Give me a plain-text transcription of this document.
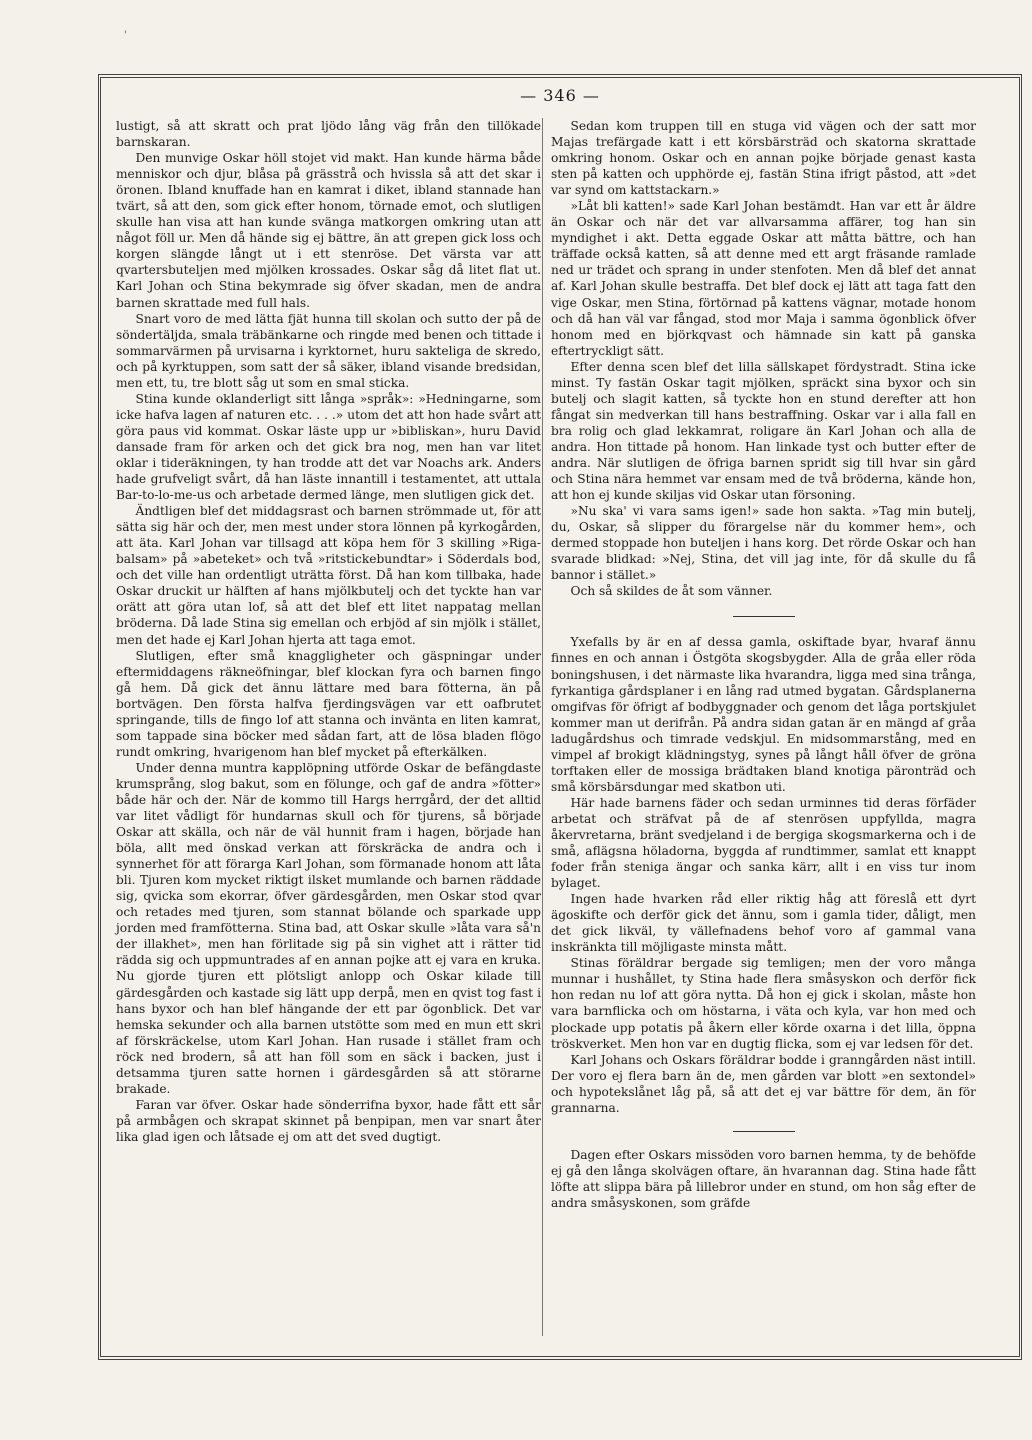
'
— 346 —

lustigt, så att skratt och prat ljödo lång väg från den tillökade barnskaran.

Den munvige Oskar höll stojet vid makt. Han kunde härma både menniskor och djur, blåsa på grässtrå och hvissla så att det skar i öronen. Ibland knuffade han en kamrat i diket, ibland stannade han tvärt, så att den, som gick efter honom, törnade emot, och slutligen skulle han visa att han kunde svänga matkorgen omkring utan att något föll ur. Men då hände sig ej bättre, än att grepen gick loss och korgen slängde långt ut i ett stenröse. Det värsta var att qvartersbuteljen med mjölken krossades. Oskar såg då litet flat ut. Karl Johan och Stina bekymrade sig öfver skadan, men de andra barnen skrattade med full hals.

Snart voro de med lätta fjät hunna till skolan och sutto der på de söndertäljda, smala träbänkarne och ringde med benen och tittade i sommarvärmen på urvisarna i kyrktornet, huru sakteliga de skredo, och på kyrktuppen, som satt der så säker, ibland visande bredsidan, men ett, tu, tre blott såg ut som en smal sticka.

Stina kunde oklanderligt sitt långa »språk»: »Hedningarne, som icke hafva lagen af naturen etc. . . .» utom det att hon hade svårt att göra paus vid kommat. Oskar läste upp ur »bibliskan», huru David dansade fram för arken och det gick bra nog, men han var litet oklar i tideräkningen, ty han trodde att det var Noachs ark. Anders hade grufveligt svårt, då han läste innantill i testamentet, att uttala Bar-to-lo-me-us och arbetade dermed länge, men slutligen gick det.

Ändtligen blef det middagsrast och barnen strömmade ut, för att sätta sig här och der, men mest under stora lönnen på kyrkogården, att äta. Karl Johan var tillsagd att köpa hem för 3 skilling »Riga-balsam» på »abeteket» och två »ritstickebundtar» i Söderdals bod, och det ville han ordentligt uträtta först. Då han kom tillbaka, hade Oskar druckit ur hälften af hans mjölkbutelj och det tyckte han var orätt att göra utan lof, så att det blef ett litet nappatag mellan bröderna. Då lade Stina sig emellan och erbjöd af sin mjölk i stället, men det hade ej Karl Johan hjerta att taga emot.

Slutligen, efter små knaggligheter och gäspningar under eftermiddagens räkneöfningar, blef klockan fyra och barnen fingo gå hem. Då gick det ännu lättare med bara fötterna, än på bortvägen. Den första halfva fjerdingsvägen var ett oafbrutet springande, tills de fingo lof att stanna och invänta en liten kamrat, som tappade sina böcker med sådan fart, att de lösa bladen flögo rundt omkring, hvarigenom han blef mycket på efterkälken.

Under denna muntra kapplöpning utförde Oskar de befängdaste krumsprång, slog bakut, som en fölunge, och gaf de andra »fötter» både här och der. När de kommo till Hargs herrgård, der det alltid var litet vådligt för hundarnas skull och för tjurens, så började Oskar att skälla, och när de väl hunnit fram i hagen, började han böla, allt med önskad verkan att förskräcka de andra och i synnerhet för att förarga Karl Johan, som förmanade honom att låta bli. Tjuren kom mycket riktigt ilsket mumlande och barnen räddade sig, qvicka som ekorrar, öfver gärdesgården, men Oskar stod qvar och retades med tjuren, som stannat bölande och sparkade upp jorden med framfötterna. Stina bad, att Oskar skulle »låta vara så'n der illakhet», men han förlitade sig på sin vighet att i rätter tid rädda sig och uppmuntrades af en annan pojke att ej vara en kruka. Nu gjorde tjuren ett plötsligt anlopp och Oskar kilade till gärdesgården och kastade sig lätt upp derpå, men en qvist tog fast i hans byxor och han blef hängande der ett par ögonblick. Det var hemska sekunder och alla barnen utstötte som med en mun ett skri af förskräckelse, utom Karl Johan. Han rusade i stället fram och röck ned brodern, så att han föll som en säck i backen, just i detsamma tjuren satte hornen i gärdesgården så att störarne brakade.

Faran var öfver. Oskar hade sönderrifna byxor, hade fått ett sår på armbågen och skrapat skinnet på benpipan, men var snart åter lika glad igen och låtsade ej om att det sved dugtigt.

Sedan kom truppen till en stuga vid vägen och der satt mor Majas trefärgade katt i ett körsbärsträd och skatorna skrattade omkring honom. Oskar och en annan pojke började genast kasta sten på katten och upphörde ej, fastän Stina ifrigt påstod, att »det var synd om kattstackarn.»

»Låt bli katten!» sade Karl Johan bestämdt. Han var ett år äldre än Oskar och när det var allvarsamma affärer, tog han sin myndighet i akt. Detta eggade Oskar att måtta bättre, och han träffade också katten, så att denne med ett argt fräsande ramlade ned ur trädet och sprang in under stenfoten. Men då blef det annat af. Karl Johan skulle bestraffa. Det blef dock ej lätt att taga fatt den vige Oskar, men Stina, förtörnad på kattens vägnar, motade honom och då han väl var fångad, stod mor Maja i samma ögonblick öfver honom med en björkqvast och hämnade sin katt på ganska eftertryckligt sätt.

Efter denna scen blef det lilla sällskapet fördystradt. Stina icke minst. Ty fastän Oskar tagit mjölken, spräckt sina byxor och sin butelj och slagit katten, så tyckte hon en stund derefter att hon fångat sin medverkan till hans bestraffning. Oskar var i alla fall en bra rolig och glad lekkamrat, roligare än Karl Johan och alla de andra. Hon tittade på honom. Han linkade tyst och butter efter de andra. När slutligen de öfriga barnen spridt sig till hvar sin gård och Stina nära hemmet var ensam med de två bröderna, kände hon, att hon ej kunde skiljas vid Oskar utan försoning.

»Nu ska' vi vara sams igen!» sade hon sakta. »Tag min butelj, du, Oskar, så slipper du förargelse när du kommer hem», och dermed stoppade hon buteljen i hans korg. Det rörde Oskar och han svarade blidkad: »Nej, Stina, det vill jag inte, för då skulle du få bannor i stället.»

Och så skildes de åt som vänner.

Yxefalls by är en af dessa gamla, oskiftade byar, hvaraf ännu finnes en och annan i Östgöta skogsbygder. Alla de gråa eller röda boningshusen, i det närmaste lika hvarandra, ligga med sina trånga, fyrkantiga gårdsplaner i en lång rad utmed bygatan. Gårdsplanerna omgifvas för öfrigt af bodbyggnader och genom det låga portskjulet kommer man ut derifrån. På andra sidan gatan är en mängd af gråa ladugårdshus och timrade vedskjul. En midsommarstång, med en vimpel af brokigt klädningstyg, synes på långt håll öfver de gröna torftaken eller de mossiga brädtaken bland knotiga päronträd och små körsbärsdungar med skatbon uti.

Här hade barnens fäder och sedan urminnes tid deras förfäder arbetat och sträfvat på de af stenrösen uppfyllda, magra åkervretarna, bränt svedjeland i de bergiga skogsmarkerna och i de små, aflägsna höladorna, byggda af rundtimmer, samlat ett knappt foder från steniga ängar och sankа kärr, allt i en viss tur inom bylaget.

Ingen hade hvarken råd eller riktig håg att föreslå ett dyrt ägoskifte och derför gick det ännu, som i gamla tider, dåligt, men det gick likväl, ty vällefnadens behof voro af gammal vana inskränkta till möjligaste minsta mått.

Stinas föräldrar bergade sig temligen; men der voro många munnar i hushållet, ty Stina hade flera småsyskon och derför fick hon redan nu lof att göra nytta. Då hon ej gick i skolan, måste hon vara barnflicka och om höstarna, i väta och kyla, var hon med och plockade upp potatis på åkern eller körde oxarna i det lilla, öppna tröskverket. Men hon var en dugtig flicka, som ej var ledsen för det.

Karl Johans och Oskars föräldrar bodde i granngården näst intill. Der voro ej flera barn än de, men gården var blott »en sextondel» och hypotekslånet låg på, så att det ej var bättre för dem, än för grannarna.

Dagen efter Oskars missöden voro barnen hemma, ty de behöfde ej gå den långa skolvägen oftare, än hvarannan dag. Stina hade fått löfte att slippa bära på lillebror under en stund, om hon såg efter de andra småsyskonen, som gräfde
